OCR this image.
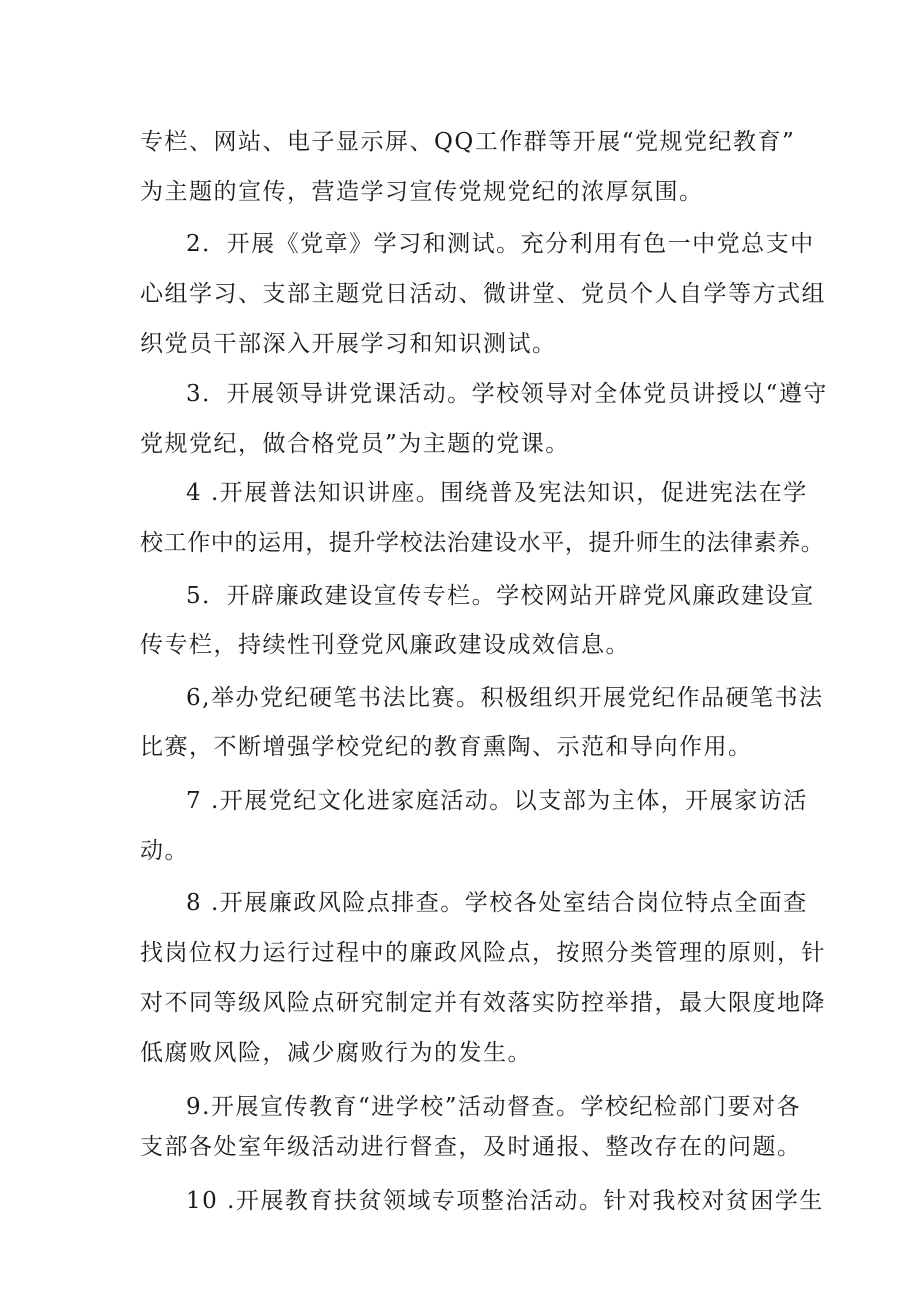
专栏、网站、电子显示屏、QQ工作群等开展“党规党纪教育”

为主题的宣传，营造学习宣传党规党纪的浓厚氛围。

2．开展《党章》学习和测试。充分利用有色一中党总支中

心组学习、支部主题党日活动、微讲堂、党员个人自学等方式组

织党员干部深入开展学习和知识测试。

3．开展领导讲党课活动。学校领导对全体党员讲授以“遵守

党规党纪，做合格党员”为主题的党课。

4 .开展普法知识讲座。围绕普及宪法知识，促进宪法在学

校工作中的运用，提升学校法治建设水平，提升师生的法律素养。

5．开辟廉政建设宣传专栏。学校网站开辟党风廉政建设宣

传专栏，持续性刊登党风廉政建设成效信息。

6,举办党纪硬笔书法比赛。积极组织开展党纪作品硬笔书法

比赛，不断增强学校党纪的教育熏陶、示范和导向作用。

7 .开展党纪文化进家庭活动。以支部为主体，开展家访活

动。

8 .开展廉政风险点排查。学校各处室结合岗位特点全面查

找岗位权力运行过程中的廉政风险点，按照分类管理的原则，针

对不同等级风险点研究制定并有效落实防控举措，最大限度地降

低腐败风险，减少腐败行为的发生。

9.开展宣传教育“进学校”活动督查。学校纪检部门要对各

支部各处室年级活动进行督查，及时通报、整改存在的问题。

10 .开展教育扶贫领域专项整治活动。针对我校对贫困学生
